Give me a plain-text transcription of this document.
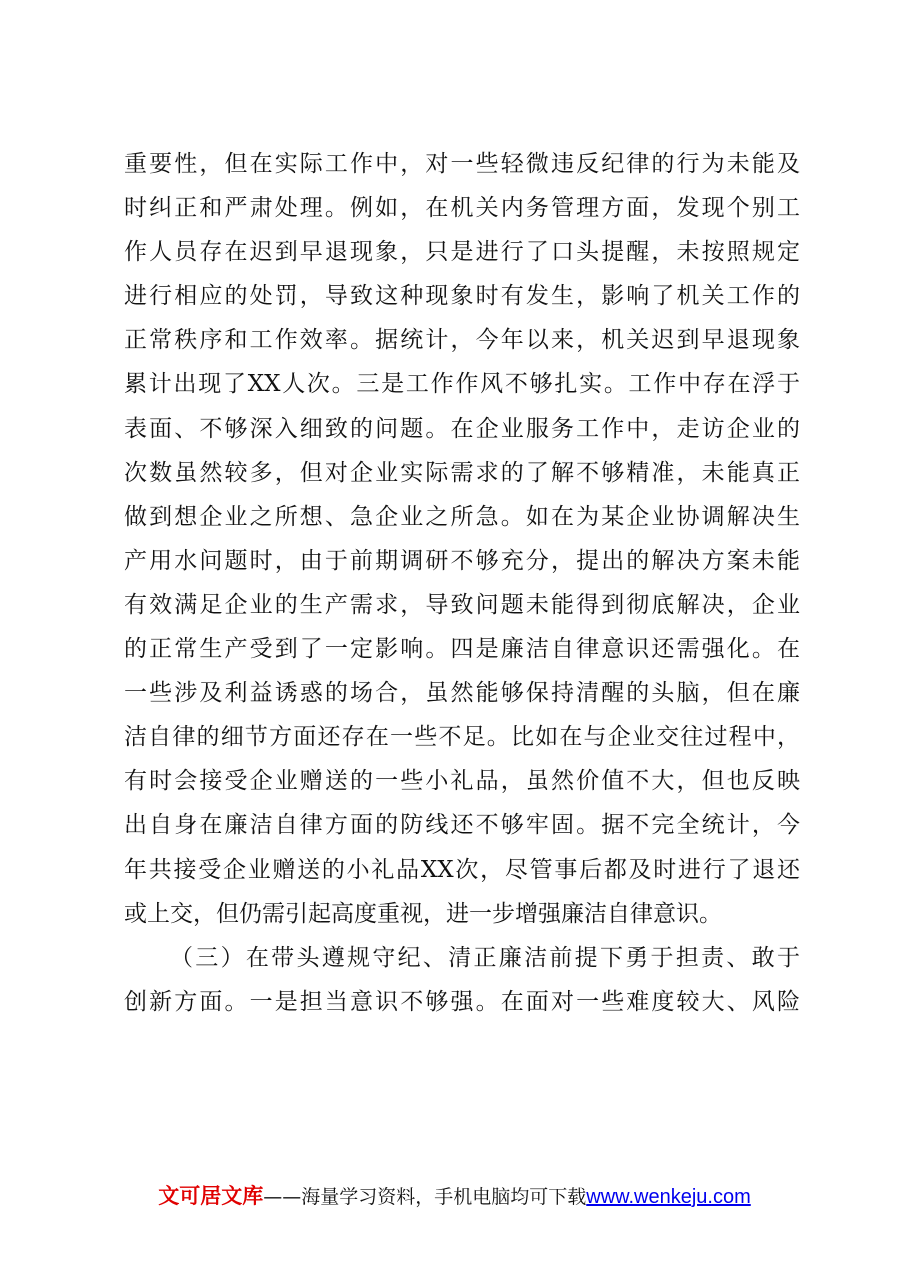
重要性，但在实际工作中，对一些轻微违反纪律的行为未能及
时纠正和严肃处理。例如，在机关内务管理方面，发现个别工
作人员存在迟到早退现象，只是进行了口头提醒，未按照规定
进行相应的处罚，导致这种现象时有发生，影响了机关工作的
正常秩序和工作效率。据统计，今年以来，机关迟到早退现象
累计出现了XX人次。三是工作作风不够扎实。工作中存在浮于
表面、不够深入细致的问题。在企业服务工作中，走访企业的
次数虽然较多，但对企业实际需求的了解不够精准，未能真正
做到想企业之所想、急企业之所急。如在为某企业协调解决生
产用水问题时，由于前期调研不够充分，提出的解决方案未能
有效满足企业的生产需求，导致问题未能得到彻底解决，企业
的正常生产受到了一定影响。四是廉洁自律意识还需强化。在
一些涉及利益诱惑的场合，虽然能够保持清醒的头脑，但在廉
洁自律的细节方面还存在一些不足。比如在与企业交往过程中，
有时会接受企业赠送的一些小礼品，虽然价值不大，但也反映
出自身在廉洁自律方面的防线还不够牢固。据不完全统计，今
年共接受企业赠送的小礼品XX次，尽管事后都及时进行了退还
或上交，但仍需引起高度重视，进一步增强廉洁自律意识。
（三）在带头遵规守纪、清正廉洁前提下勇于担责、敢于
创新方面。一是担当意识不够强。在面对一些难度较大、风险
文可居文库——海量学习资料，手机电脑均可下载www.wenkeju.com
